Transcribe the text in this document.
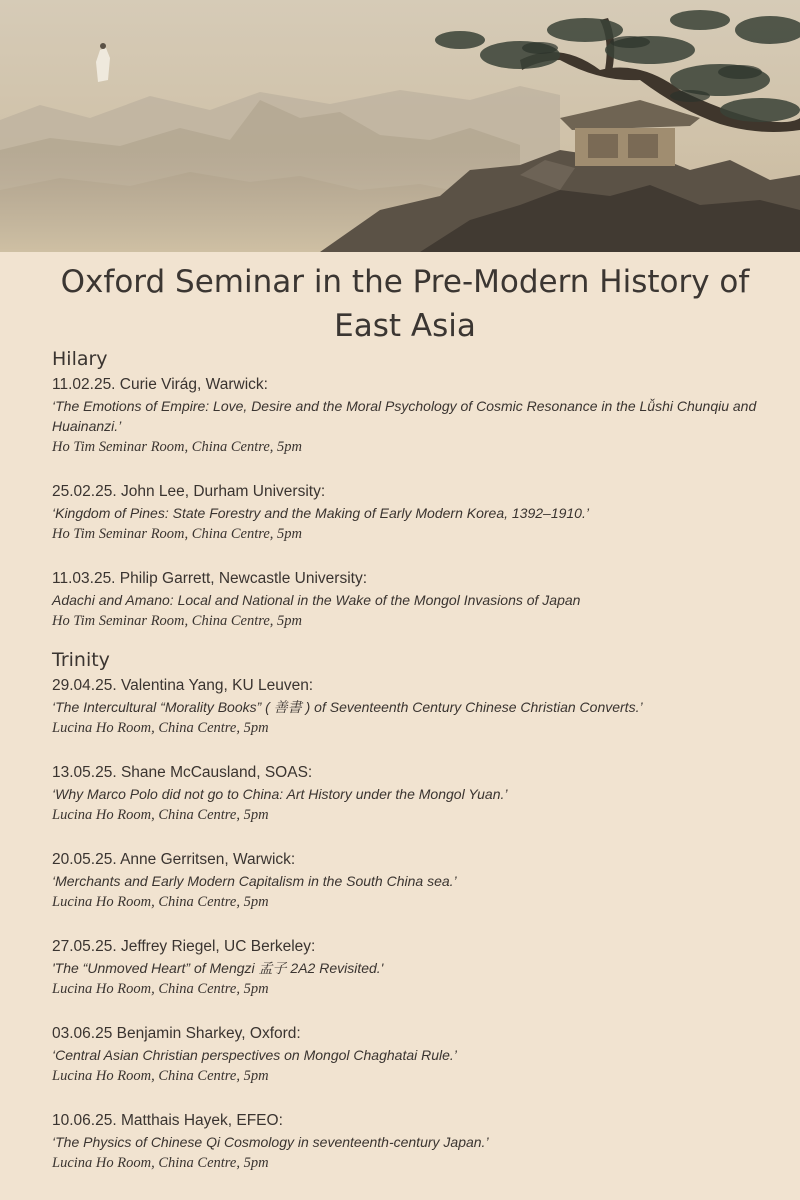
Oxford Seminar in the Pre-Modern History of East Asia
Hilary
11.02.25. Curie Virág, Warwick:
‘The Emotions of Empire: Love, Desire and the Moral Psychology of Cosmic Resonance in the Lǚshi Chunqiu and Huainanzi.’
Ho Tim Seminar Room, China Centre, 5pm
25.02.25. John Lee, Durham University:
‘Kingdom of Pines: State Forestry and the Making of Early Modern Korea, 1392–1910.’
Ho Tim Seminar Room, China Centre, 5pm
11.03.25. Philip Garrett, Newcastle University:
Adachi and Amano: Local and National in the Wake of the Mongol Invasions of Japan
Ho Tim Seminar Room, China Centre, 5pm
Trinity
29.04.25. Valentina Yang, KU Leuven:
‘The Intercultural “Morality Books” ( 善書 ) of Seventeenth Century Chinese Christian Converts.’
Lucina Ho Room, China Centre, 5pm
13.05.25. Shane McCausland, SOAS:
‘Why Marco Polo did not go to China: Art History under the Mongol Yuan.’
Lucina Ho Room, China Centre, 5pm
20.05.25. Anne Gerritsen, Warwick:
‘Merchants and Early Modern Capitalism in the South China sea.’
Lucina Ho Room, China Centre, 5pm
27.05.25. Jeffrey Riegel, UC Berkeley:
'The “Unmoved Heart” of Mengzi 孟子 2A2 Revisited.'
Lucina Ho Room, China Centre, 5pm
03.06.25 Benjamin Sharkey, Oxford:
‘Central Asian Christian perspectives on Mongol Chaghatai Rule.’
Lucina Ho Room, China Centre, 5pm
10.06.25. Matthais Hayek, EFEO:
‘The Physics of Chinese Qi Cosmology in seventeenth-century Japan.’
Lucina Ho Room, China Centre, 5pm
